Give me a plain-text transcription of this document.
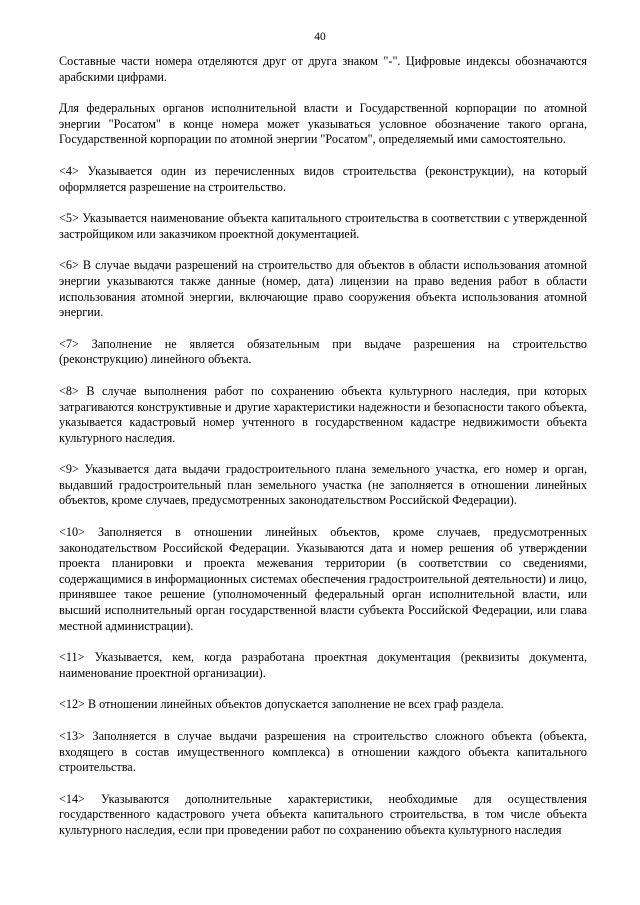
40

Составные части номера отделяются друг от друга знаком "-". Цифровые индексы обозначаются арабскими цифрами.

Для федеральных органов исполнительной власти и Государственной корпорации по атомной энергии "Росатом" в конце номера может указываться условное обозначение такого органа, Государственной корпорации по атомной энергии "Росатом", определяемый ими самостоятельно.

<4> Указывается один из перечисленных видов строительства (реконструкции), на который оформляется разрешение на строительство.

<5> Указывается наименование объекта капитального строительства в соответствии с утвержденной застройщиком или заказчиком проектной документацией.

<6> В случае выдачи разрешений на строительство для объектов в области использования атомной энергии указываются также данные (номер, дата) лицензии на право ведения работ в области использования атомной энергии, включающие право сооружения объекта использования атомной энергии.

<7> Заполнение не является обязательным при выдаче разрешения на строительство (реконструкцию) линейного объекта.

<8> В случае выполнения работ по сохранению объекта культурного наследия, при которых затрагиваются конструктивные и другие характеристики надежности и безопасности такого объекта, указывается кадастровый номер учтенного в государственном кадастре недвижимости объекта культурного наследия.

<9> Указывается дата выдачи градостроительного плана земельного участка, его номер и орган, выдавший градостроительный план земельного участка (не заполняется в отношении линейных объектов, кроме случаев, предусмотренных законодательством Российской Федерации).

<10> Заполняется в отношении линейных объектов, кроме случаев, предусмотренных законодательством Российской Федерации. Указываются дата и номер решения об утверждении проекта планировки и проекта межевания территории (в соответствии со сведениями, содержащимися в информационных системах обеспечения градостроительной деятельности) и лицо, принявшее такое решение (уполномоченный федеральный орган исполнительной власти, или высший исполнительный орган государственной власти субъекта Российской Федерации, или глава местной администрации).

<11> Указывается, кем, когда разработана проектная документация (реквизиты документа, наименование проектной организации).

<12> В отношении линейных объектов допускается заполнение не всех граф раздела.

<13> Заполняется в случае выдачи разрешения на строительство сложного объекта (объекта, входящего в состав имущественного комплекса) в отношении каждого объекта капитального строительства.

<14> Указываются дополнительные характеристики, необходимые для осуществления государственного кадастрового учета объекта капитального строительства, в том числе объекта культурного наследия, если при проведении работ по сохранению объекта культурного наследия
